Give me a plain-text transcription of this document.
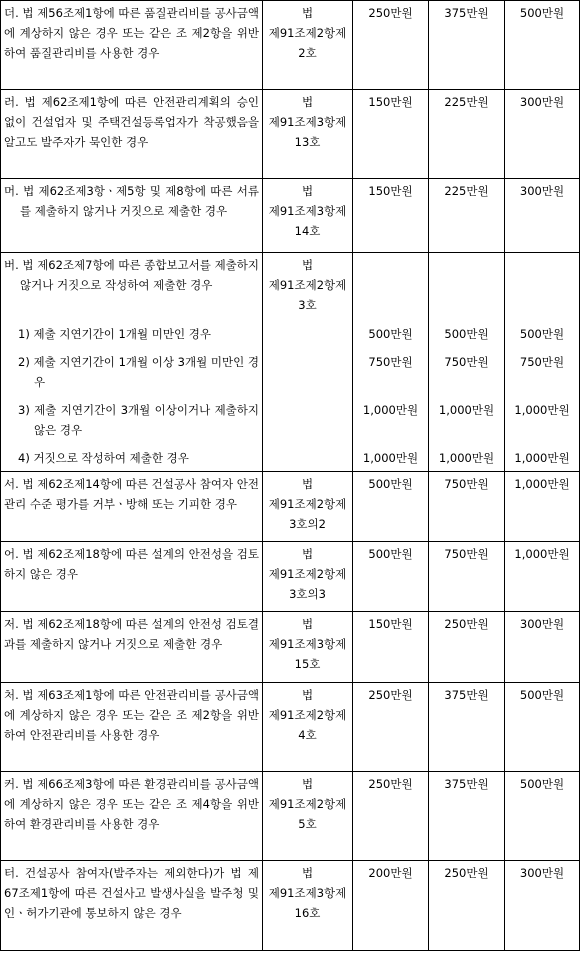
더. 법 제56조제1항에 따른 품질관리비를 공사금액에 계상하지 않은 경우 또는 같은 조 제2항을 위반하여 품질관리비를 사용한 경우	법
제91조제2항제
2호	250만원	375만원	500만원

러. 법 제62조제1항에 따른 안전관리계획의 승인 없이 건설업자 및 주택건설등록업자가 착공했음을 알고도 발주자가 묵인한 경우	법
제91조제3항제
13호	150만원	225만원	300만원

머. 법 제62조제3항ㆍ제5항 및 제8항에 따른 서류를 제출하지 않거나 거짓으로 제출한 경우	법
제91조제3항제
14호	150만원	225만원	300만원

버. 법 제62조제7항에 따른 종합보고서를 제출하지 않거나 거짓으로 작성하여 제출한 경우	법
제91조제2항제
3호			

1) 제출 지연기간이 1개월 미만인 경우		500만원	500만원	500만원

2) 제출 지연기간이 1개월 이상 3개월 미만인 경우		750만원	750만원	750만원

3) 제출 지연기간이 3개월 이상이거나 제출하지 않은 경우		1,000만원	1,000만원	1,000만원

4) 거짓으로 작성하여 제출한 경우		1,000만원	1,000만원	1,000만원

서. 법 제62조제14항에 따른 건설공사 참여자 안전관리 수준 평가를 거부ㆍ방해 또는 기피한 경우	법
제91조제2항제
3호의2	500만원	750만원	1,000만원

어. 법 제62조제18항에 따른 설계의 안전성을 검토하지 않은 경우	법
제91조제2항제
3호의3	500만원	750만원	1,000만원

저. 법 제62조제18항에 따른 설계의 안전성 검토결과를 제출하지 않거나 거짓으로 제출한 경우	법
제91조제3항제
15호	150만원	250만원	300만원

처. 법 제63조제1항에 따른 안전관리비를 공사금액에 계상하지 않은 경우 또는 같은 조 제2항을 위반하여 안전관리비를 사용한 경우	법
제91조제2항제
4호	250만원	375만원	500만원

커. 법 제66조제3항에 따른 환경관리비를 공사금액에 계상하지 않은 경우 또는 같은 조 제4항을 위반하여 환경관리비를 사용한 경우	법
제91조제2항제
5호	250만원	375만원	500만원

터. 건설공사 참여자(발주자는 제외한다)가 법 제67조제1항에 따른 건설사고 발생사실을 발주청 및 인ㆍ허가기관에 통보하지 않은 경우	법
제91조제3항제
16호	200만원	250만원	300만원
